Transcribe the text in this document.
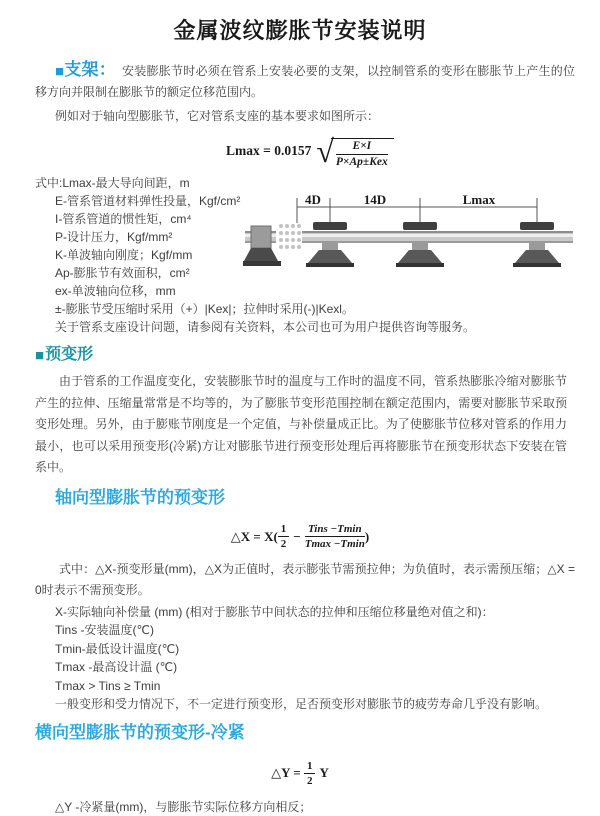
金属波纹膨胀节安装说明

■支架： 安装膨胀节时必须在管系上安装必要的支架，以控制管系的变形在膨胀节上产生的位移方向并限制在膨胀节的额定位移范围内。

例如对于轴向型膨胀节，它对管系支座的基本要求如图所示：

Lmax = 0.0157 √ $\frac{E\times I}{\text{P×Ap±Kex}}$
式中:Lmax-最大导向间距，m
E-管系管道材料弹性投量，Kgf/cm²
I-管系管道的惯性矩，cm⁴
P-设计压力，Kgf/mm²
K-单波轴向刚度；Kgf/mm
Ap-膨胀节有效面积，cm²
ex-单波轴向位移，mm
±-膨胀节受压缩时采用（+）|Kex|；拉伸时采用(-)|Kexl。
关于管系支座设计问题，请参阅有关资料，本公司也可为用户提供咨询等服务。
4D	14D	Lmax
■预变形

由于管系的工作温度变化，安装膨胀节时的温度与工作时的温度不同，管系热膨胀冷缩对膨胀节产生的拉伸、压缩量常常是不均等的，为了膨胀节变形范围控制在额定范围内，需要对膨胀节采取预变形处理。另外，由于膨账节刚度是一个定值，与补偿量成正比。为了使膨胀节位移对管系的作用力最小，也可以采用预变形(冷紧)方让对膨胀节进行预变形处理后再将膨胀节在预变形状态下安装在管系中。

轴向型膨胀节的预变形
△X = $X( \frac{1}{2} - \frac{\text{Tins −Tmin}}{Tmax -Tmin}$ )

式中：△X-预变形量(mm)，△X为正值时，表示膨张节需预拉伸；为负值时，表示需预压缩；△X = 0时表示不需预变形。

X-实际轴向补偿量 (mm) (相对于膨胀节中间状态的拉伸和压缩位移量绝对值之和)：
Tins -安装温度(℃)
Tmin-最低设计温度(℃)
Tmax -最高设计温 (℃)
Tmax > Tins ≥ Tmin
一般变形和受力情况下，不一定进行预变形，足否预变形对膨胀节的疲劳寿命几乎没有影响。
横向型膨胀节的预变形-冷紧
△Y =
$\frac{1}{2}$ Y
△Y -冷紧量(mm)，与膨胀节实际位移方向相反；
